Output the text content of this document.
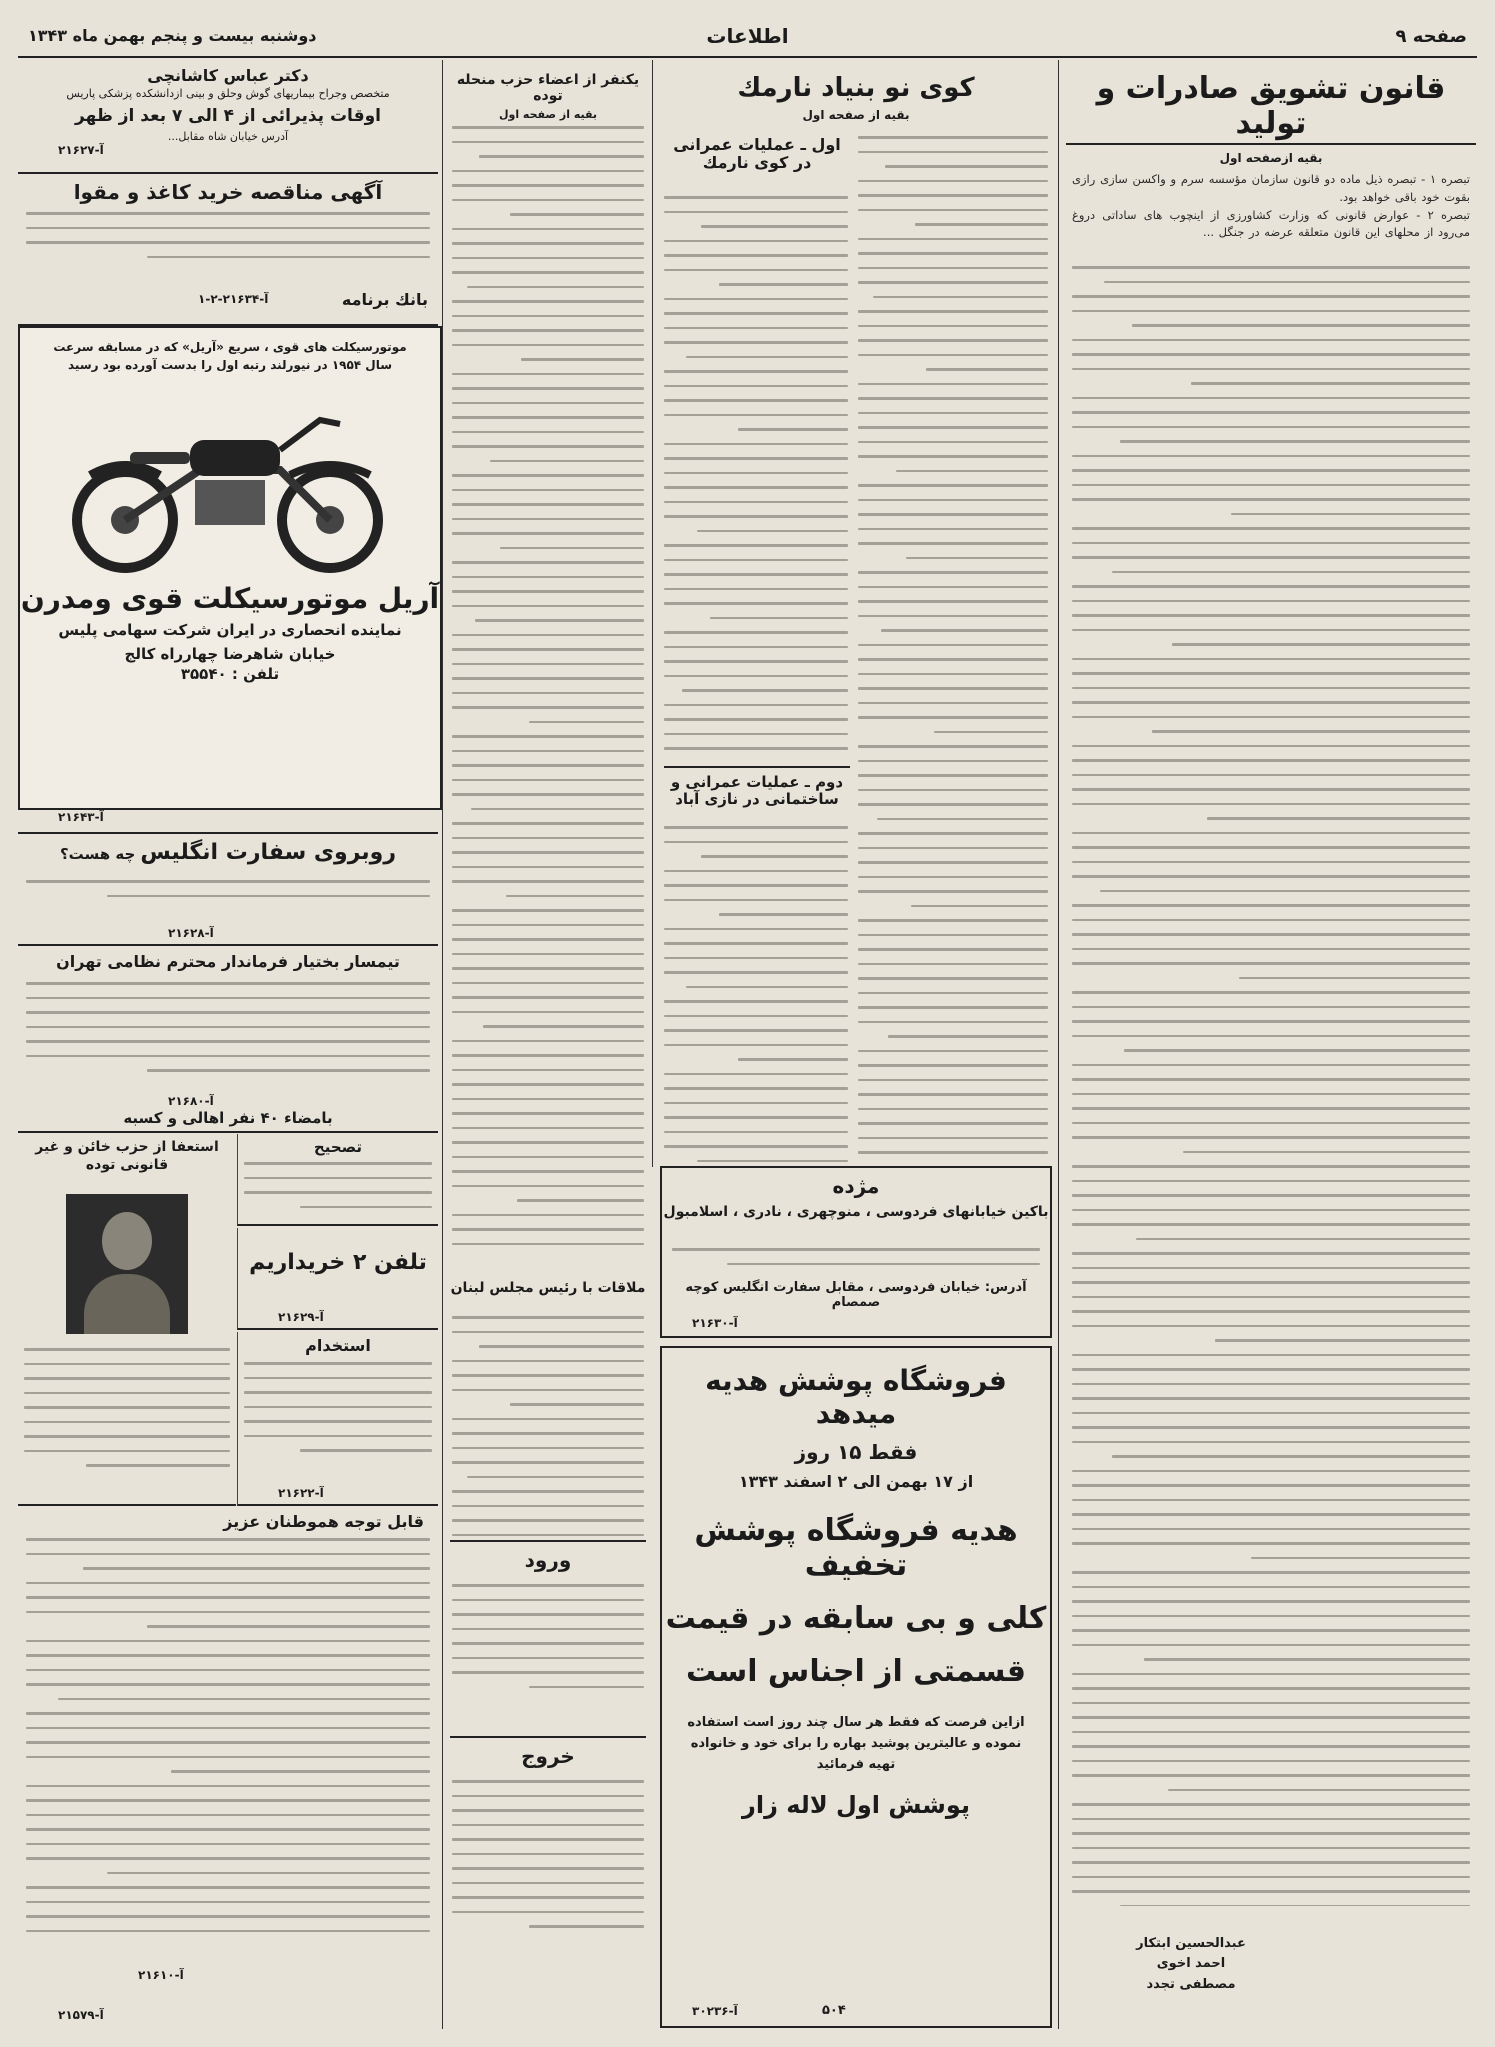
صفحه ۹
اطلاعات
دوشنبه بیست و پنجم بهمن ماه ۱۳۴۳
قانون تشویق صادرات و تولید
بقیه ازصفحه اول
تبصره ۱ - تبصره ذیل ماده دو قانون سازمان مؤسسه سرم و واکسن سازی رازی بقوت خود باقی خواهد بود.
تبصره ۲ - عوارض قانونی که وزارت کشاورزی از اینچوب های ساداتی دروغ می‌رود از محلهای این قانون متعلقه عرضه در جنگل ...
عبدالحسین ابتکار
احمد اخوی
مصطفی تجدد
کوی نو بنیاد نارمك
بقیه از صفحه اول
اول ـ عملیات عمرانی در کوی نارمك
دوم ـ عملیات عمرانی و ساختمانی در نازی آباد
یکنفر از اعضاء حزب منحله توده
بقیه از صفحه اول
ملاقات با رئیس مجلس لبنان
دکتر عباس کاشانچی
متخصص وجراح بیماریهای گوش وحلق و بینی ازدانشکده پزشکی پاریس
اوقات پذیرائی از ۴ الی ۷ بعد از ظهر
آدرس خیابان شاه مقابل...
آ-۲۱۶۲۷
آگهی مناقصه خرید کاغذ و مقوا
بانك برنامه
آ-۲۱۶۳۴-۲-۱
موتورسیکلت های قوی ، سریع «آریل» که در مسابقه سرعت سال ۱۹۵۴ در نیورلند رتبه اول را بدست آورده بود رسید
آریل موتورسیکلت قوی ومدرن
نماینده انحصاری در ایران شرکت سهامی پلیس
خیابان شاهرضا چهارراه کالج
تلفن : ۳۵۵۴۰
آ-۲۱۶۴۳
روبروی سفارت انگلیس چه هست؟
آ-۲۱۶۲۸
تیمسار بختیار فرماندار محترم نظامی تهران
آ-۲۱۶۸۰
بامضاء ۴۰ نفر اهالی و کسبه
تصحیح
استعفا از حزب خائن و غیر قانونی توده
تلفن ۲ خریداریم
آ-۲۱۶۲۹
استخدام
آ-۲۱۶۲۲
قابل توجه هموطنان عزیز
آ-۲۱۶۱۰
آ-۲۱۵۷۹
مژده
باکین خیابانهای فردوسی ، منوچهری ، نادری ، اسلامبول
آدرس: خیابان فردوسی ، مقابل سفارت انگلیس کوچه صمصام
آ-۲۱۶۳۰
فروشگاه پوشش هدیه میدهد
فقط ۱۵ روز
از ۱۷ بهمن الی ۲ اسفند ۱۳۴۳
هدیه فروشگاه پوشش تخفیف
کلی و بی سابقه در قیمت
قسمتی از اجناس است
ازاین فرصت که فقط هر سال چند روز است استفاده نموده و عالیترین پوشید بهاره را برای خود و خانواده تهیه فرمائید
پوشش اول لاله زار
۵۰۴
آ-۳۰۲۳۶
ورود
خروج
